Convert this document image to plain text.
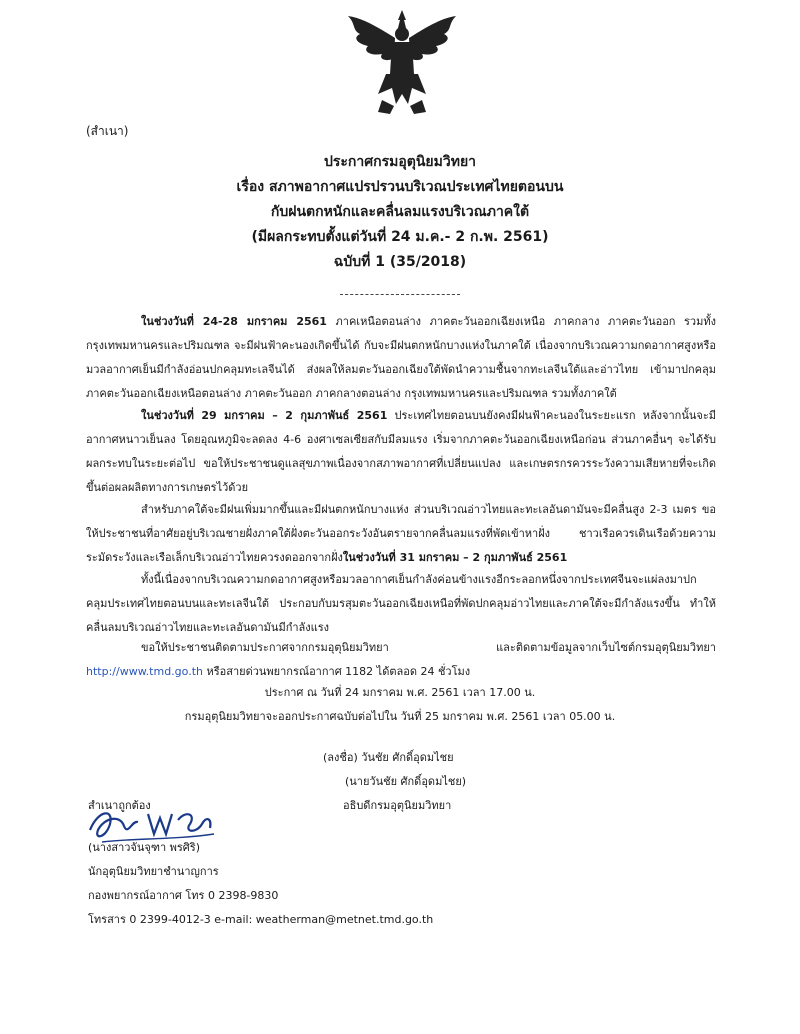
(สำเนา)
ประกาศกรมอุตุนิยมวิทยา
เรื่อง สภาพอากาศแปรปรวนบริเวณประเทศไทยตอนบน
กับฝนตกหนักและคลื่นลมแรงบริเวณภาคใต้
(มีผลกระทบตั้งแต่วันที่ 24 ม.ค.- 2 ก.พ. 2561)
ฉบับที่ 1 (35/2018)
ในช่วงวันที่ 24-28 มกราคม 2561 ภาคเหนือตอนล่าง ภาคตะวันออกเฉียงเหนือ ภาคกลาง ภาคตะวันออก รวมทั้งกรุงเทพมหานครและปริมณฑล จะมีฝนฟ้าคะนองเกิดขึ้นได้ กับจะมีฝนตกหนักบางแห่งในภาคใต้ เนื่องจากบริเวณความกดอากาศสูงหรือมวลอากาศเย็นมีกำลังอ่อนปกคลุมทะเลจีนได้ ส่งผลให้ลมตะวันออกเฉียงใต้พัดนำความชื้นจากทะเลจีนใต้และอ่าวไทย เข้ามาปกคลุมภาคตะวันออกเฉียงเหนือตอนล่าง ภาคตะวันออก ภาคกลางตอนล่าง กรุงเทพมหานครและปริมณฑล รวมทั้งภาคใต้
ในช่วงวันที่ 29 มกราคม – 2 กุมภาพันธ์ 2561 ประเทศไทยตอนบนยังคงมีฝนฟ้าคะนองในระยะแรก หลังจากนั้นจะมีอากาศหนาวเย็นลง โดยอุณหภูมิจะลดลง 4-6 องศาเซลเซียสกับมีลมแรง เริ่มจากภาคตะวันออกเฉียงเหนือก่อน ส่วนภาคอื่นๆ จะได้รับผลกระทบในระยะต่อไป ขอให้ประชาชนดูแลสุขภาพเนื่องจากสภาพอากาศที่เปลี่ยนแปลง และเกษตรกรควรระวังความเสียหายที่จะเกิดขึ้นต่อผลผลิตทางการเกษตรไว้ด้วย
สำหรับภาคใต้จะมีฝนเพิ่มมากขึ้นและมีฝนตกหนักบางแห่ง ส่วนบริเวณอ่าวไทยและทะเลอันดามันจะมีคลื่นสูง 2-3 เมตร ขอให้ประชาชนที่อาศัยอยู่บริเวณชายฝั่งภาคใต้ฝั่งตะวันออกระวังอันตรายจากคลื่นลมแรงที่พัดเข้าหาฝั่ง ชาวเรือควรเดินเรือด้วยความระมัดระวังและเรือเล็กบริเวณอ่าวไทยควรงดออกจากฝั่งในช่วงวันที่ 31 มกราคม – 2 กุมภาพันธ์ 2561
ทั้งนี้เนื่องจากบริเวณความกดอากาศสูงหรือมวลอากาศเย็นกำลังค่อนข้างแรงอีกระลอกหนึ่งจากประเทศจีนจะแผ่ลงมาปกคลุมประเทศไทยตอนบนและทะเลจีนใต้ ประกอบกับมรสุมตะวันออกเฉียงเหนือที่พัดปกคลุมอ่าวไทยและภาคใต้จะมีกำลังแรงขึ้น ทำให้คลื่นลมบริเวณอ่าวไทยและทะเลอันดามันมีกำลังแรง
ขอให้ประชาชนติดตามประกาศจากกรมอุตุนิยมวิทยา และติดตามข้อมูลจากเว็บไซต์กรมอุตุนิยมวิทยา http://www.tmd.go.th หรือสายด่วนพยากรณ์อากาศ 1182 ได้ตลอด 24 ชั่วโมง
ประกาศ ณ วันที่ 24 มกราคม พ.ศ. 2561 เวลา 17.00 น.
กรมอุตุนิยมวิทยาจะออกประกาศฉบับต่อไปใน วันที่ 25 มกราคม พ.ศ. 2561 เวลา 05.00 น.
(ลงชื่อ) วันชัย ศักดิ์อุดมไชย
(นายวันชัย ศักดิ์อุดมไชย)
อธิบดีกรมอุตุนิยมวิทยา
สำเนาถูกต้อง
(นางสาวจันจุฑา พรศิริ)
นักอุตุนิยมวิทยาชำนาญการ
กองพยากรณ์อากาศ โทร 0 2398-9830
โทรสาร 0 2399-4012-3 e-mail: weatherman@metnet.tmd.go.th
